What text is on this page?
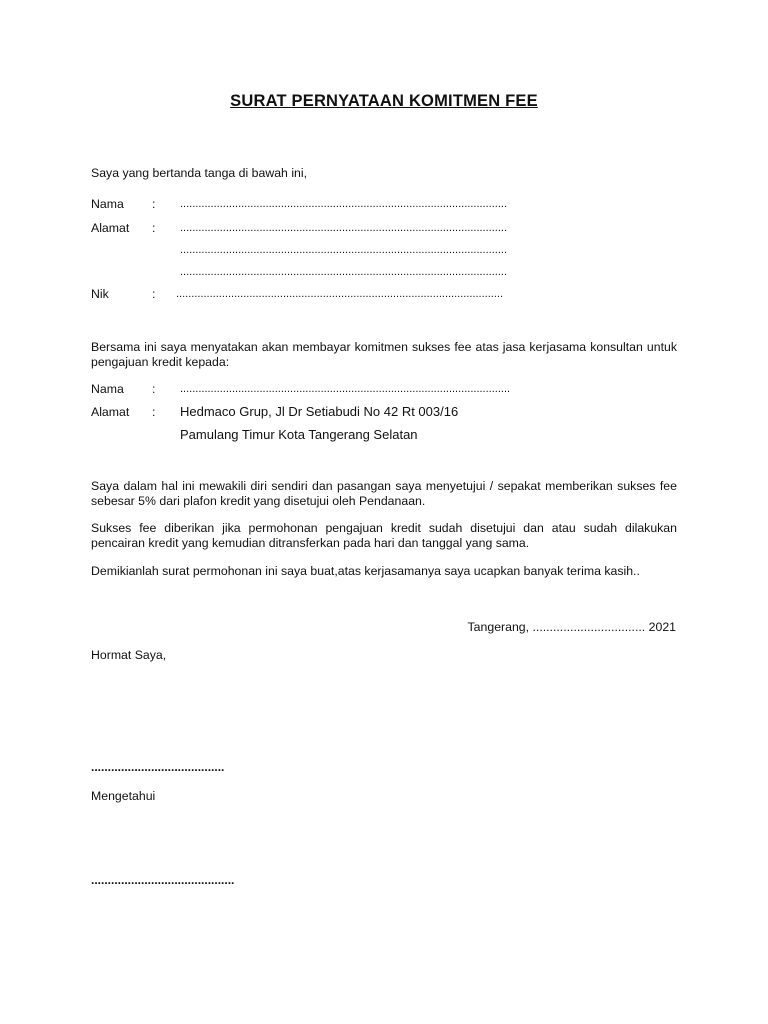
SURAT PERNYATAAN KOMITMEN FEE
Saya yang bertanda tanga di bawah ini,
Nama : ...........................................................................................................
Alamat : ...........................................................................................................
...........................................................................................................
...........................................................................................................
Nik	: ...........................................................................................................
Bersama ini saya menyatakan akan membayar komitmen sukses fee atas jasa kerjasama konsultan untuk pengajuan kredit kepada:
Nama : ............................................................................................................
Alamat : Hedmaco Grup, Jl Dr Setiabudi No 42 Rt 003/16
Pamulang Timur Kota Tangerang Selatan
Saya dalam hal ini mewakili diri sendiri dan pasangan saya menyetujui / sepakat memberikan sukses fee sebesar 5% dari plafon kredit yang disetujui oleh Pendanaan.
Sukses fee diberikan jika permohonan pengajuan kredit sudah disetujui dan atau sudah dilakukan pencairan kredit yang kemudian ditransferkan pada hari dan tanggal yang sama.
Demikianlah surat permohonan ini saya buat,atas kerjasamanya saya ucapkan banyak terima kasih..
Tangerang, ................................. 2021
Hormat Saya,
........................................
Mengetahui
...........................................
